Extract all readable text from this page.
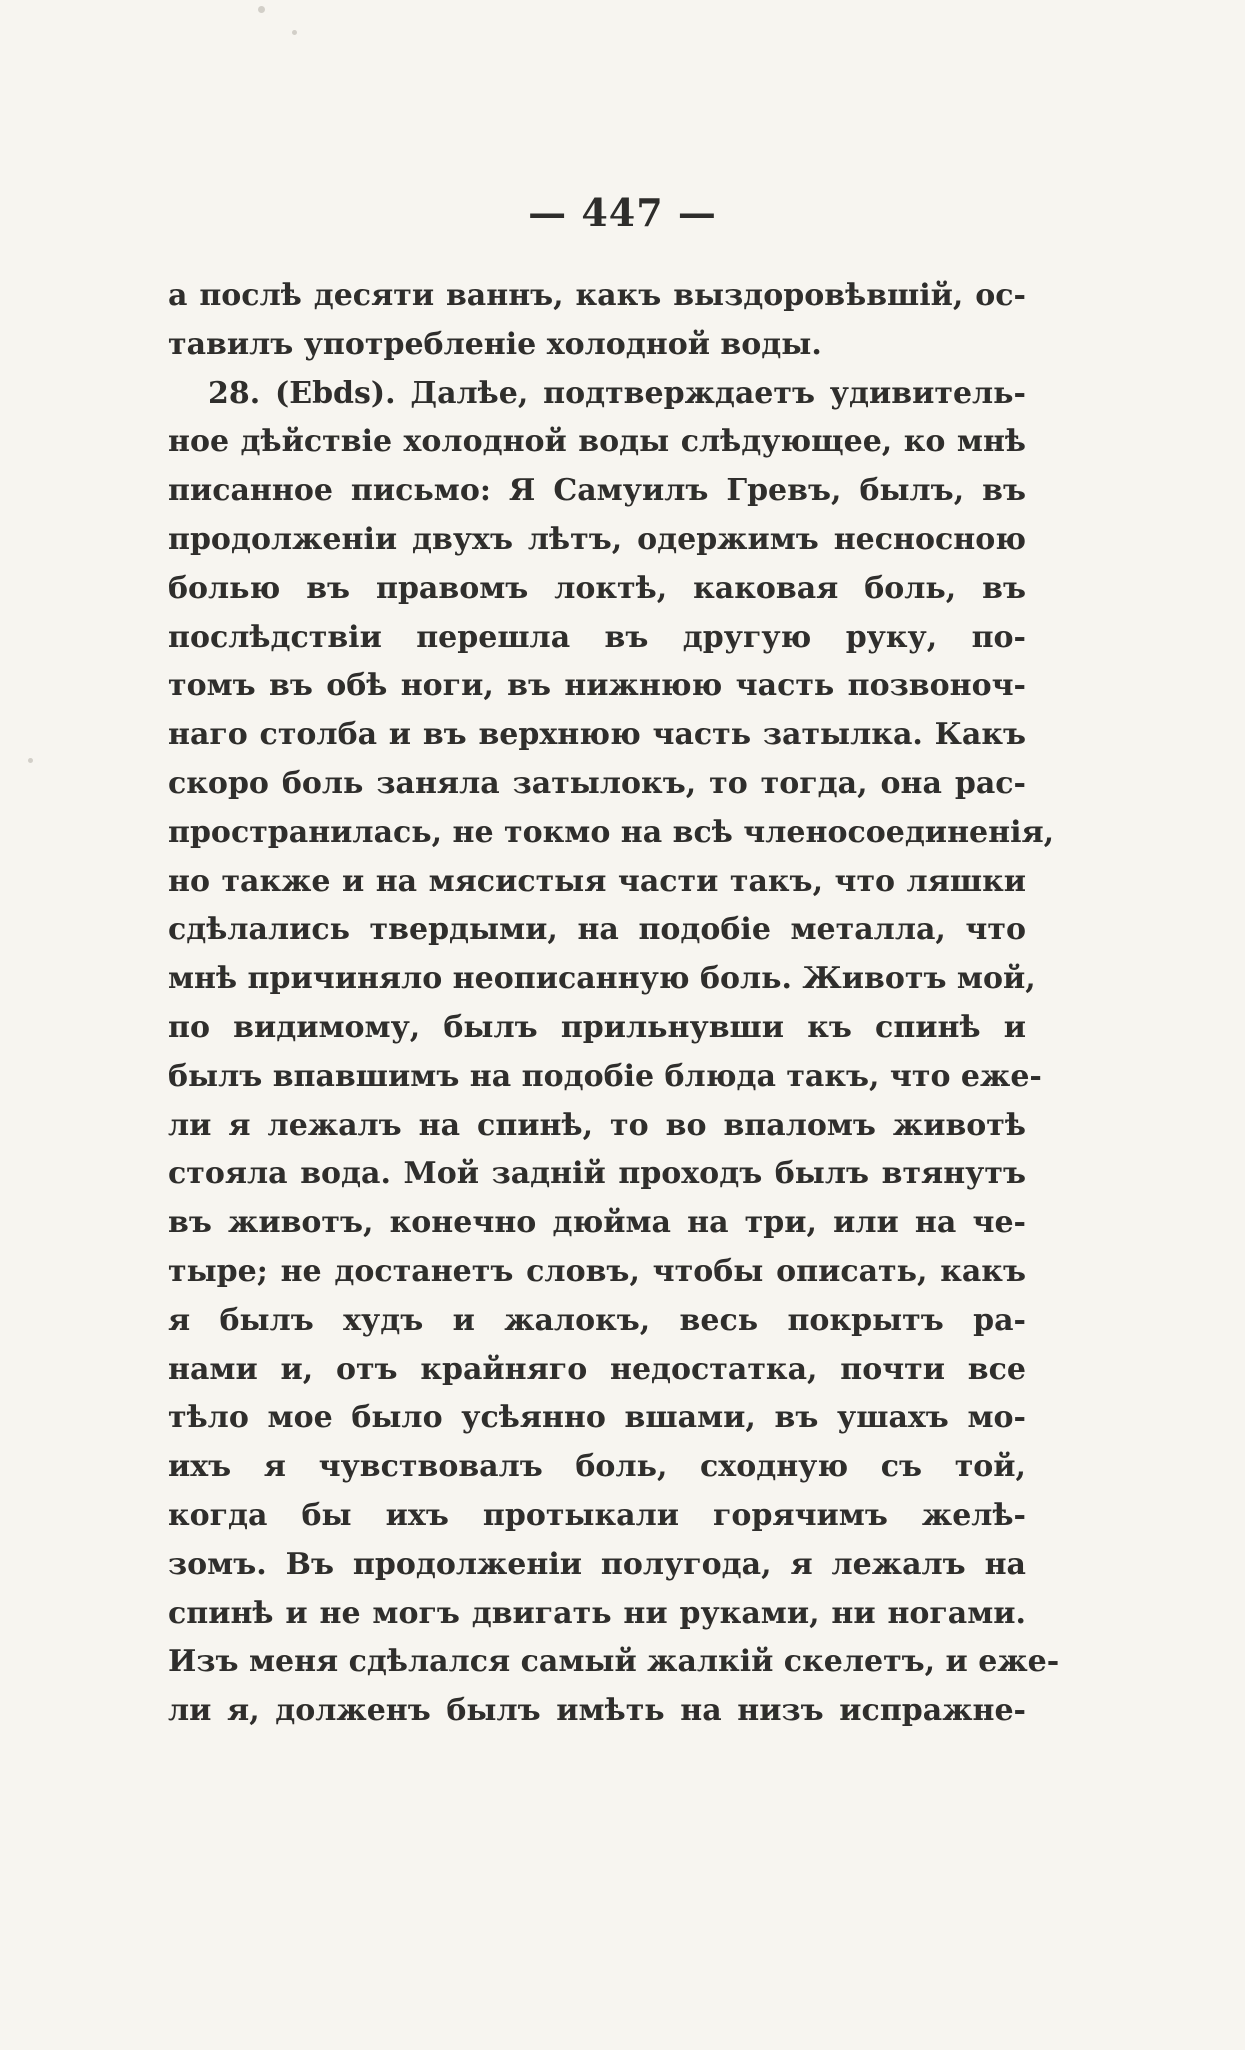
— 447 —
а послѣ десяти ваннъ, какъ выздоровѣвшій, ос-
тавилъ употребленіе холодной воды.
28. (Ebds). Далѣе, подтверждаетъ удивитель-
ное дѣйствіе холодной воды слѣдующее, ко мнѣ
писанное письмо: Я Самуилъ Гревъ, былъ, въ
продолженіи двухъ лѣтъ, одержимъ несносною
болью въ правомъ локтѣ, каковая боль, въ
послѣдствіи перешла въ другую руку, по-
томъ въ обѣ ноги, въ нижнюю часть позвоноч-
наго столба и въ верхнюю часть затылка. Какъ
скоро боль заняла затылокъ, то тогда, она рас-
пространилась, не токмо на всѣ членосоединенія,
но также и на мясистыя части такъ, что ляшки
сдѣлались твердыми, на подобіе металла, что
мнѣ причиняло неописанную боль. Животъ мой,
по видимому, былъ прильнувши къ спинѣ и
былъ впавшимъ на подобіе блюда такъ, что еже-
ли я лежалъ на спинѣ, то во впаломъ животѣ
стояла вода. Мой задній проходъ былъ втянутъ
въ животъ, конечно дюйма на три, или на че-
тыре; не достанетъ словъ, чтобы описать, какъ
я былъ худъ и жалокъ, весь покрытъ ра-
нами и, отъ крайняго недостатка, почти все
тѣло мое было усѣянно вшами, въ ушахъ мо-
ихъ я чувствовалъ боль, сходную съ той,
когда бы ихъ протыкали горячимъ желѣ-
зомъ. Въ продолженіи полугода, я лежалъ на
спинѣ и не могъ двигать ни руками, ни ногами.
Изъ меня сдѣлался самый жалкій скелетъ, и еже-
ли я, долженъ былъ имѣть на низъ испражне-
